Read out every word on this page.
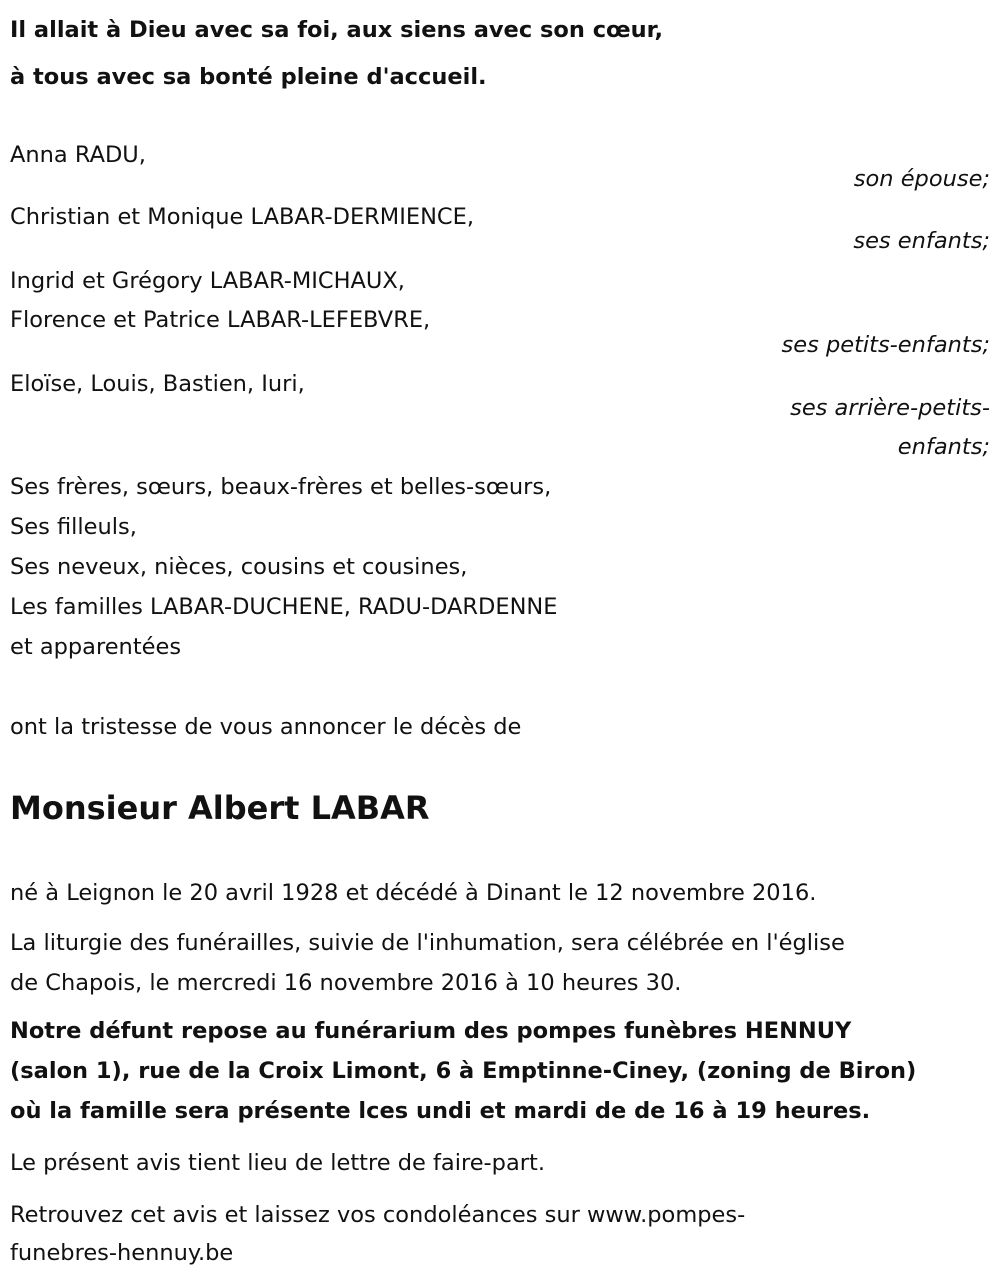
Il allait à Dieu avec sa foi, aux siens avec son cœur,
à tous avec sa bonté pleine d'accueil.
Anna RADU,
son épouse;
Christian et Monique LABAR-DERMIENCE,
ses enfants;
Ingrid et Grégory LABAR-MICHAUX,
Florence et Patrice LABAR-LEFEBVRE,
ses petits-enfants;
Eloïse, Louis, Bastien, Iuri,
ses arrière-petits-
enfants;
Ses frères, sœurs, beaux-frères et belles-sœurs,
Ses filleuls,
Ses neveux, nièces, cousins et cousines,
Les familles LABAR-DUCHENE, RADU-DARDENNE
et apparentées
ont la tristesse de vous annoncer le décès de
Monsieur Albert LABAR
né à Leignon le 20 avril 1928 et décédé à Dinant le 12 novembre 2016.
La liturgie des funérailles, suivie de l'inhumation, sera célébrée en l'église
de Chapois, le mercredi 16 novembre 2016 à 10 heures 30.
Notre défunt repose au funérarium des pompes funèbres HENNUY
(salon 1), rue de la Croix Limont, 6 à Emptinne-Ciney, (zoning de Biron)
où la famille sera présente lces undi et mardi de de 16 à 19 heures.
Le présent avis tient lieu de lettre de faire-part.
Retrouvez cet avis et laissez vos condoléances sur www.pompes-
funebres-hennuy.be
